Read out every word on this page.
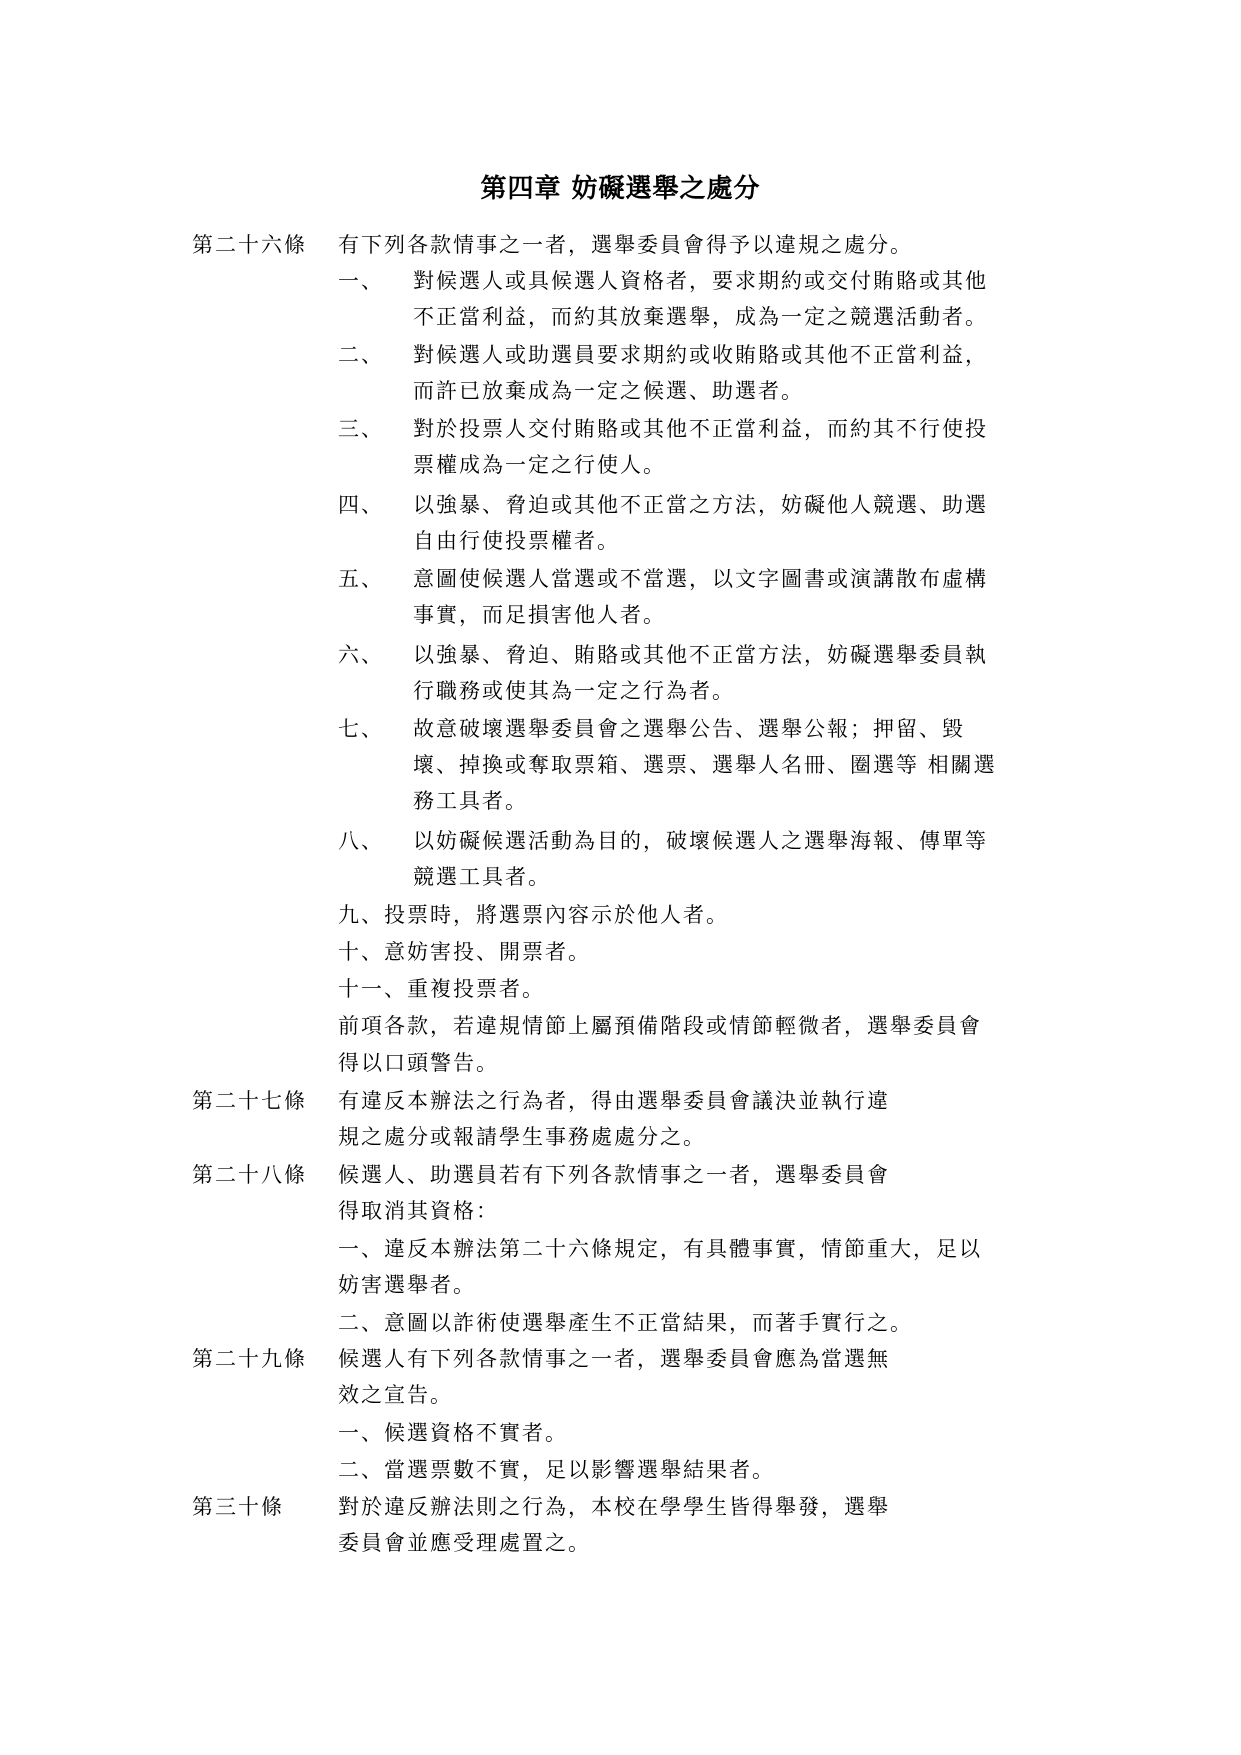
第四章 妨礙選舉之處分
第二十六條 有下列各款情事之一者，選舉委員會得予以違規之處分。
一、 對候選人或具候選人資格者，要求期約或交付賄賂或其他
不正當利益，而約其放棄選舉，成為一定之競選活動者。
二、 對候選人或助選員要求期約或收賄賂或其他不正當利益，
而許已放棄成為一定之候選、助選者。
三、 對於投票人交付賄賂或其他不正當利益，而約其不行使投
票權成為一定之行使人。
四、 以強暴、脅迫或其他不正當之方法，妨礙他人競選、助選
自由行使投票權者。
五、 意圖使候選人當選或不當選，以文字圖書或演講散布虛構
事實，而足損害他人者。
六、 以強暴、脅迫、賄賂或其他不正當方法，妨礙選舉委員執
行職務或使其為一定之行為者。
七、 故意破壞選舉委員會之選舉公告、選舉公報；押留、毀
壞、掉換或奪取票箱、選票、選舉人名冊、圈選等 相關選
務工具者。
八、 以妨礙候選活動為目的，破壞候選人之選舉海報、傳單等
競選工具者。
九、投票時，將選票內容示於他人者。
十、意妨害投、開票者。
十一、重複投票者。
前項各款，若違規情節上屬預備階段或情節輕微者，選舉委員會
得以口頭警告。
第二十七條 有違反本辦法之行為者，得由選舉委員會議決並執行違
規之處分或報請學生事務處處分之。
第二十八條 候選人、助選員若有下列各款情事之一者，選舉委員會
得取消其資格：
一、違反本辦法第二十六條規定，有具體事實，情節重大，足以
妨害選舉者。
二、意圖以詐術使選舉產生不正當結果，而著手實行之。
第二十九條 候選人有下列各款情事之一者，選舉委員會應為當選無
效之宣告。
一、候選資格不實者。
二、當選票數不實，足以影響選舉結果者。
第三十條	對於違反辦法則之行為，本校在學學生皆得舉發，選舉
委員會並應受理處置之。
